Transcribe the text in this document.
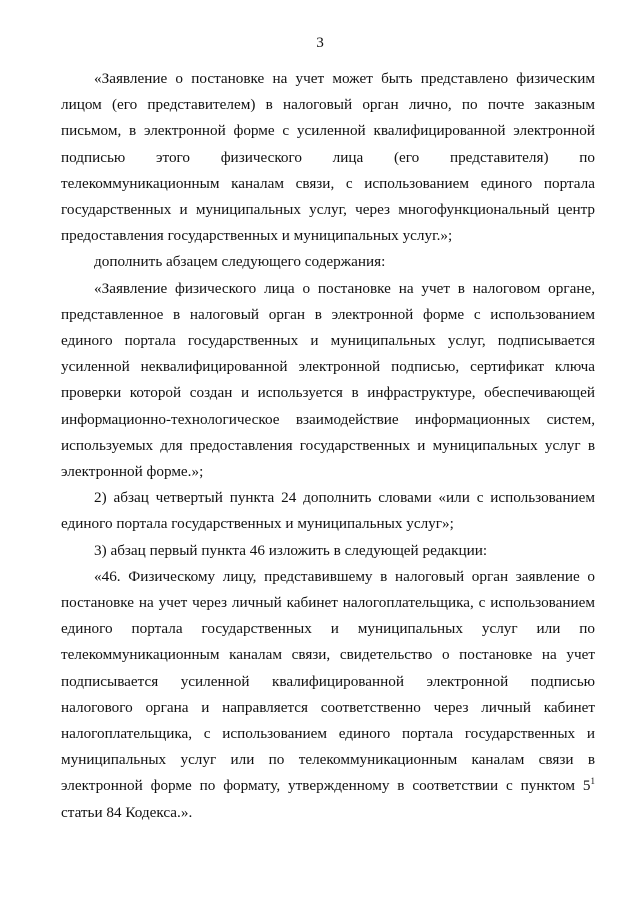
3

«Заявление о постановке на учет может быть представлено физическим лицом (его представителем) в налоговый орган лично, по почте заказным письмом, в электронной форме с усиленной квалифицированной электронной подписью этого физического лица (его представителя) по телекоммуникационным каналам связи, с использованием единого портала государственных и муниципальных услуг, через многофункциональный центр предоставления государственных и муниципальных услуг.»;

дополнить абзацем следующего содержания:

«Заявление физического лица о постановке на учет в налоговом органе, представленное в налоговый орган в электронной форме с использованием единого портала государственных и муниципальных услуг, подписывается усиленной неквалифицированной электронной подписью, сертификат ключа проверки которой создан и используется в инфраструктуре, обеспечивающей информационно-технологическое взаимодействие информационных систем, используемых для предоставления государственных и муниципальных услуг в электронной форме.»;

2) абзац четвертый пункта 24 дополнить словами «или с использованием единого портала государственных и муниципальных услуг»;

3) абзац первый пункта 46 изложить в следующей редакции:

«46. Физическому лицу, представившему в налоговый орган заявление о постановке на учет через личный кабинет налогоплательщика, с использованием единого портала государственных и муниципальных услуг или по телекоммуникационным каналам связи, свидетельство о постановке на учет подписывается усиленной квалифицированной электронной подписью налогового органа и направляется соответственно через личный кабинет налогоплательщика, с использованием единого портала государственных и муниципальных услуг или по телекоммуникационным каналам связи в электронной форме по формату, утвержденному в соответствии с пунктом $5^1$ статьи 84 Кодекса.».
